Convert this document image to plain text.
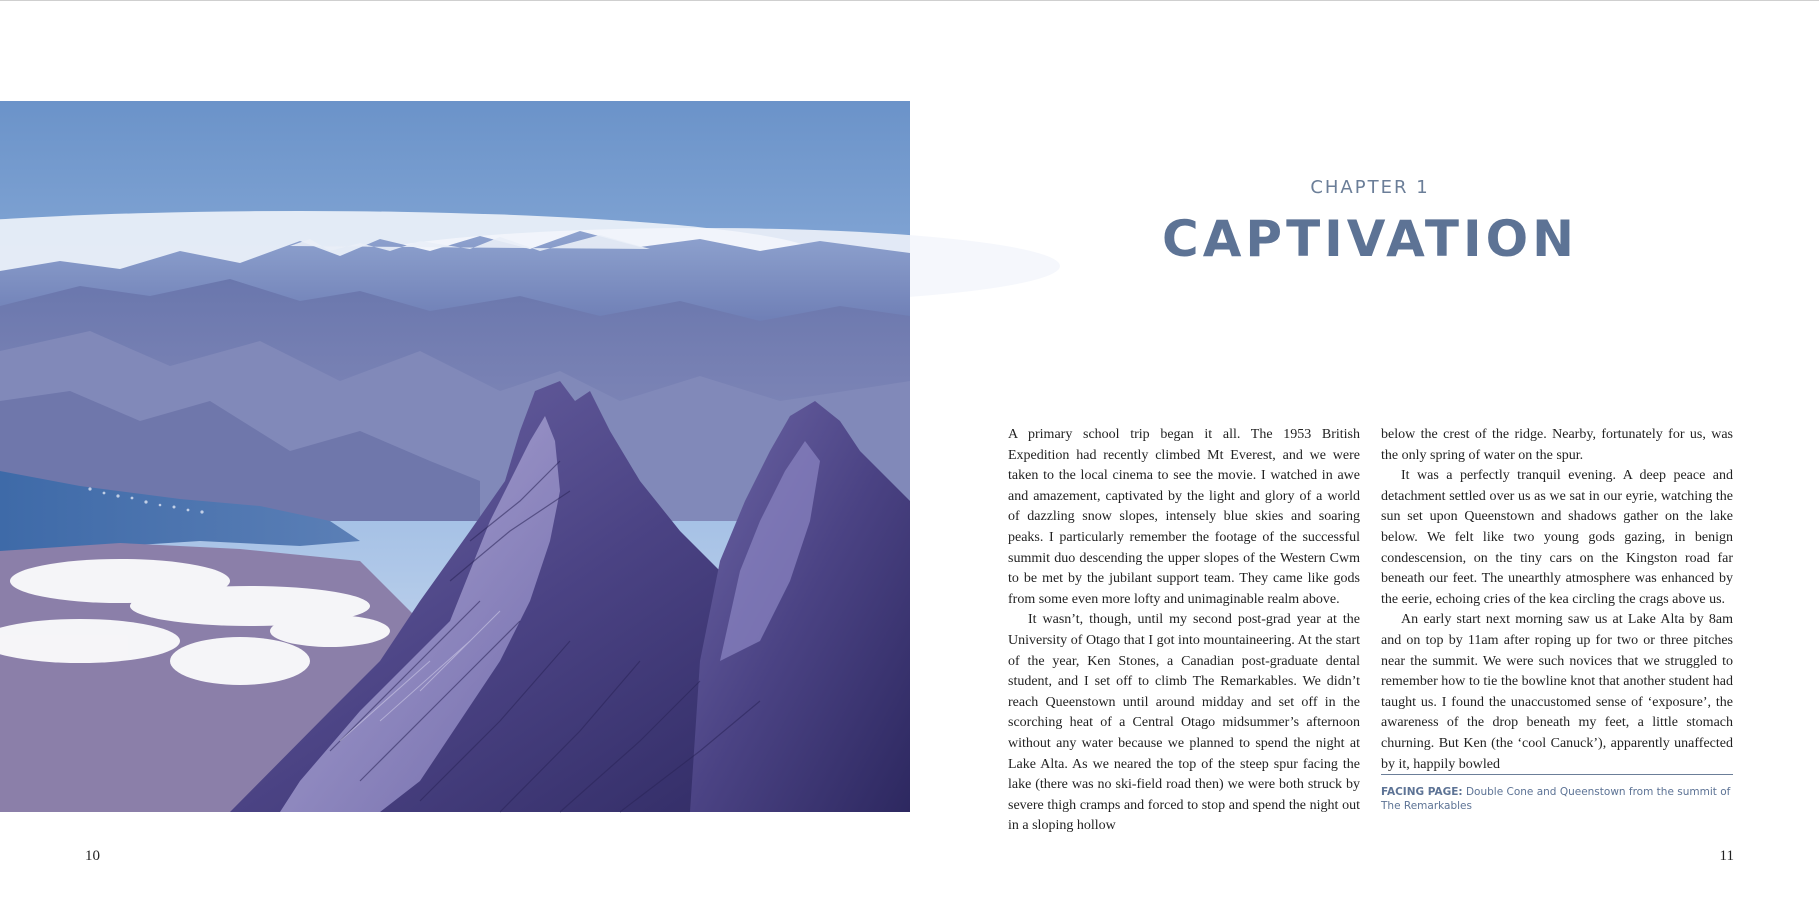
10
CHAPTER 1
CAPTIVATION

A primary school trip began it all. The 1953 British Expedition had recently climbed Mt Everest, and we were taken to the local cinema to see the movie. I watched in awe and amazement, captivated by the light and glory of a world of dazzling snow slopes, intensely blue skies and soaring peaks. I particularly remember the footage of the successful summit duo descending the upper slopes of the Western Cwm to be met by the jubilant support team. They came like gods from some even more lofty and unimaginable realm above.

It wasn’t, though, until my second post-grad year at the University of Otago that I got into mountaineering. At the start of the year, Ken Stones, a Canadian post-graduate dental student, and I set off to climb The Remarkables. We didn’t reach Queenstown until around midday and set off in the scorching heat of a Central Otago midsummer’s afternoon without any water because we planned to spend the night at Lake Alta. As we neared the top of the steep spur facing the lake (there was no ski-field road then) we were both struck by severe thigh cramps and forced to stop and spend the night out in a sloping hollow

below the crest of the ridge. Nearby, fortunately for us, was the only spring of water on the spur.

It was a perfectly tranquil evening. A deep peace and detachment settled over us as we sat in our eyrie, watching the sun set upon Queenstown and shadows gather on the lake below. We felt like two young gods gazing, in benign condescension, on the tiny cars on the Kingston road far beneath our feet. The unearthly atmosphere was enhanced by the eerie, echoing cries of the kea circling the crags above us.

An early start next morning saw us at Lake Alta by 8am and on top by 11am after roping up for two or three pitches near the summit. We were such novices that we struggled to remember how to tie the bowline knot that another student had taught us. I found the unaccustomed sense of ‘exposure’, the awareness of the drop beneath my feet, a little stomach churning. But Ken (the ‘cool Canuck’), apparently unaffected by it, happily bowled

FACING PAGE: Double Cone and Queenstown from the summit of The Remarkables
11
